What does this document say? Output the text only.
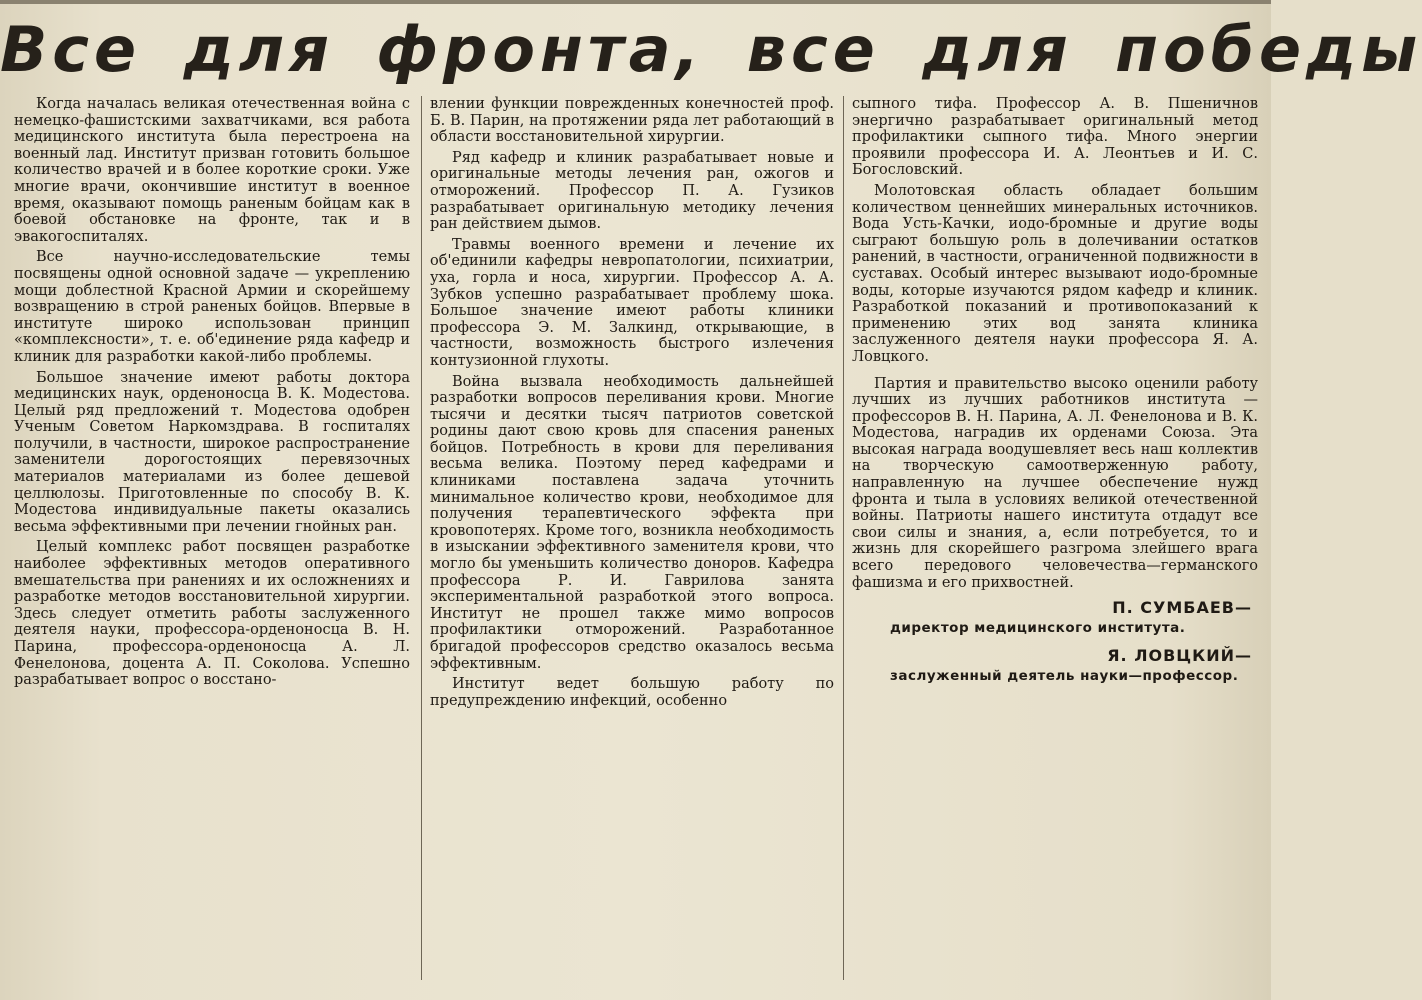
Все для фронта, все для победы

Когда началась великая отечественная война с немецко-фашистскими захватчиками, вся работа медицинского института была перестроена на военный лад. Институт призван готовить большое количество врачей и в более короткие сроки. Уже многие врачи, окончившие институт в военное время, оказывают помощь раненым бойцам как в боевой обстановке на фронте, так и в эвакогоспиталях.

Все научно-исследовательские темы посвящены одной основной задаче — укреплению мощи доблестной Красной Армии и скорейшему возвращению в строй раненых бойцов. Впервые в институте широко использован принцип «комплексности», т. е. об'единение ряда кафедр и клиник для разработки какой-либо проблемы.

Большое значение имеют работы доктора медицинских наук, орденоносца В. К. Модестова. Целый ряд предложений т. Модестова одобрен Ученым Советом Наркомздрава. В госпиталях получили, в частности, широкое распространение заменители дорогостоящих перевязочных материалов материалами из более дешевой целлюлозы. Приготовленные по способу В. К. Модестова индивидуальные пакеты оказались весьма эффективными при лечении гнойных ран.

Целый комплекс работ посвящен разработке наиболее эффективных методов оперативного вмешательства при ранениях и их осложнениях и разработке методов восстановительной хирургии. Здесь следует отметить работы заслуженного деятеля науки, профессора-орденоносца В. Н. Парина, профессора-орденоносца А. Л. Фенелонова, доцента А. П. Соколова. Успешно разрабатывает вопрос о восстано-

влении функции поврежденных конечностей проф. Б. В. Парин, на протяжении ряда лет работающий в области восстановительной хирургии.

Ряд кафедр и клиник разрабатывает новые и оригинальные методы лечения ран, ожогов и отморожений. Профессор П. А. Гузиков разрабатывает оригинальную методику лечения ран действием дымов.

Травмы военного времени и лечение их об'единили кафедры невропатологии, психиатрии, уха, горла и носа, хирургии. Профессор А. А. Зубков успешно разрабатывает проблему шока. Большое значение имеют работы клиники профессора Э. М. Залкинд, открывающие, в частности, возможность быстрого излечения контузионной глухоты.

Война вызвала необходимость дальнейшей разработки вопросов переливания крови. Многие тысячи и десятки тысяч патриотов советской родины дают свою кровь для спасения раненых бойцов. Потребность в крови для переливания весьма велика. Поэтому перед кафедрами и клиниками поставлена задача уточнить минимальное количество крови, необходимое для получения терапевтического эффекта при кровопотерях. Кроме того, возникла необходимость в изыскании эффективного заменителя крови, что могло бы уменьшить количество доноров. Кафедра профессора Р. И. Гаврилова занята экспериментальной разработкой этого вопроса. Институт не прошел также мимо вопросов профилактики отморожений. Разработанное бригадой профессоров средство оказалось весьма эффективным.

Институт ведет большую работу по предупреждению инфекций, особенно

сыпного тифа. Профессор А. В. Пшеничнов энергично разрабатывает оригинальный метод профилактики сыпного тифа. Много энергии проявили профессора И. А. Леонтьев и И. С. Богословский.

Молотовская область обладает большим количеством ценнейших минеральных источников. Вода Усть-Качки, иодо-бромные и другие воды сыграют большую роль в долечивании остатков ранений, в частности, ограниченной подвижности в суставах. Особый интерес вызывают иодо-бромные воды, которые изучаются рядом кафедр и клиник. Разработкой показаний и противопоказаний к применению этих вод занята клиника заслуженного деятеля науки профессора Я. А. Ловцкого.

Партия и правительство высоко оценили работу лучших из лучших работников института — профессоров В. Н. Парина, А. Л. Фенелонова и В. К. Модестова, наградив их орденами Союза. Эта высокая награда воодушевляет весь наш коллектив на творческую самоотверженную работу, направленную на лучшее обеспечение нужд фронта и тыла в условиях великой отечественной войны. Патриоты нашего института отдадут все свои силы и знания, а, если потребуется, то и жизнь для скорейшего разгрома злейшего врага всего передового человечества—германского фашизма и его прихвостней.

П. СУМБАЕВ—
директор медицинского института.
Я. ЛОВЦКИЙ—
заслуженный деятель науки—профессор.
